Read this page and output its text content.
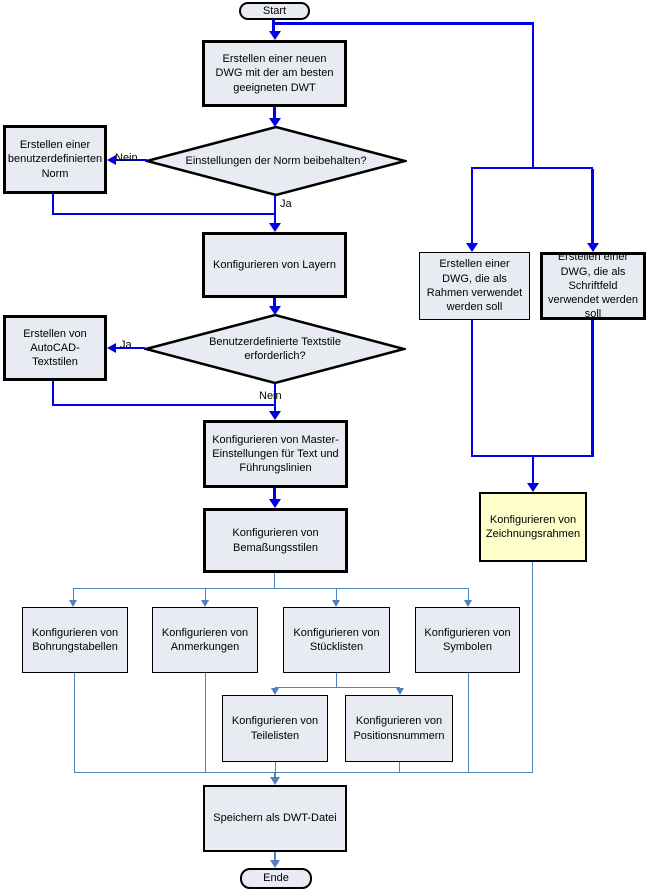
Start
Ende
Erstellen einer neuen DWG mit der am besten geeigneten DWT
Erstellen einer benutzerdefinierten Norm
Konfigurieren von Layern
Erstellen von AutoCAD-Textstilen
Konfigurieren von Master-Einstellungen für Text und Führungslinien
Konfigurieren von Bemaßungsstilen
Einstellungen der Norm beibehalten?
Benutzerdefinierte Textstile erforderlich?
Erstellen einer DWG, die als Rahmen verwendet werden soll
Erstellen einer DWG, die als Schriftfeld verwendet werden soll
Konfigurieren von Zeichnungsrahmen
Konfigurieren von Bohrungstabellen
Konfigurieren von Anmerkungen
Konfigurieren von Stücklisten
Konfigurieren von Symbolen
Konfigurieren von Teilelisten
Konfigurieren von Positionsnummern
Speichern als DWT-Datei
Nein
Ja
Ja
Nein
